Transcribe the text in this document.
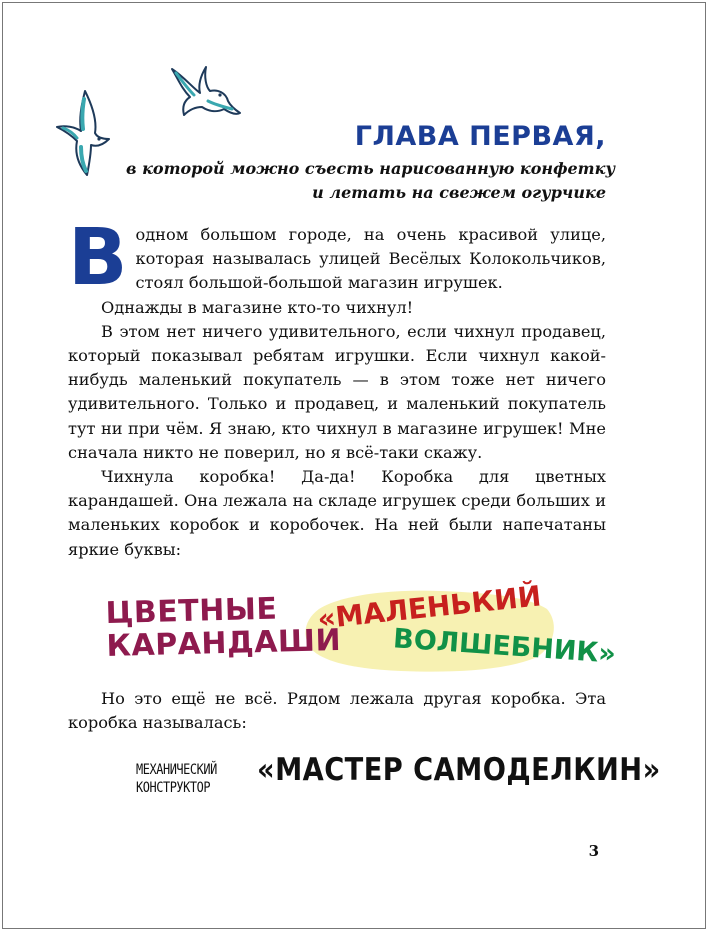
ГЛАВА ПЕРВАЯ,
в которой можно съесть нарисованную конфетку
и летать на свежем огурчике

Водном большом городе, на очень красивой улице, которая называлась улицей Весёлых Колокольчиков, стоял большой-большой магазин игрушек.

Однажды в магазине кто-то чихнул!

В этом нет ничего удивительного, если чихнул продавец, который показывал ребятам игрушки. Если чихнул какой-нибудь маленький покупатель — в этом тоже нет ничего удивительного. Только и продавец, и маленький покупатель тут ни при чём. Я знаю, кто чихнул в магазине игрушек! Мне сначала никто не поверил, но я всё-таки скажу.

Чихнула коробка! Да-да! Коробка для цветных карандашей. Она лежала на складе игрушек среди больших и маленьких коробок и коробочек. На ней были напечатаны яркие буквы:

ЦВЕТНЫЕ
КАРАНДАШИ
«МАЛЕНЬКИЙ
ВОЛШЕБНИК»

Но это ещё не всё. Рядом лежала другая коробка. Эта коробка называлась:

МЕХАНИЧЕСКИЙ
КОНСТРУКТОР «МАСТЕР САМОДЕЛКИН»
3
